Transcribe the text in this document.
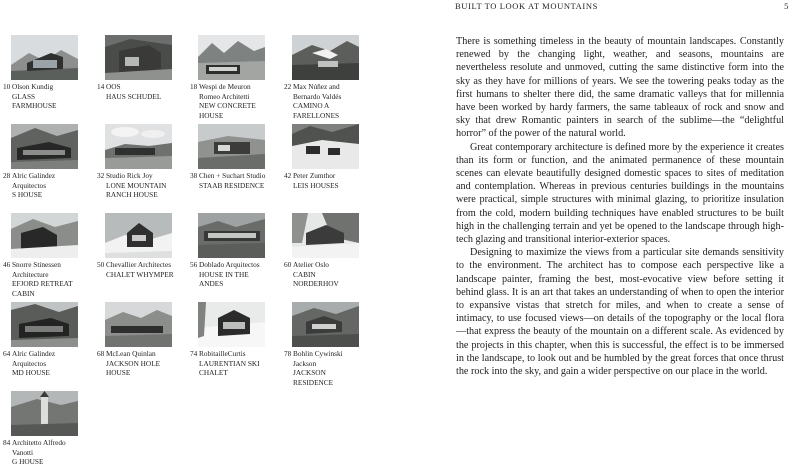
BUILT TO LOOK AT MOUNTAINS	5
10 Olson Kundig
GLASS
FARMHOUSE
14 OOS
HAUS SCHUDEL
18 Wespi de Meuron
Romeo Architetti
NEW CONCRETE
HOUSE
22 Max Núñez and
Bernardo Valdés
CAMINO A
FARELLONES
28 Alric Galindez
Arquitectos
S HOUSE
32 Studio Rick Joy
LONE MOUNTAIN
RANCH HOUSE
38 Chen + Suchart Studio
STAAB RESIDENCE
42 Peter Zumthor
LEIS HOUSES
46 Snorre Stinessen
Architecture
EFJORD RETREAT
CABIN
50 Chevallier Architectes
CHALET WHYMPER
56 Doblado Arquitectos
HOUSE IN THE
ANDES
60 Atelier Oslo
CABIN
NORDERHOV
64 Alric Galindez
Arquitectos
MD HOUSE
68 McLean Quinlan
JACKSON HOLE
HOUSE
74 RobitailleCurtis
LAURENTIAN SKI
CHALET
78 Bohlin Cywinski
Jackson
JACKSON
RESIDENCE
84 Architetto Alfredo
Vanotti
G HOUSE

There is something timeless in the beauty of mountain landscapes. Constantly renewed by the changing light, weather, and seasons, mountains are nevertheless resolute and unmoved, cutting the same distinctive form into the sky as they have for millions of years. We see the towering peaks today as the first humans to shelter there did, the same dramatic valleys that for millennia have been worked by hardy farmers, the same tableaux of rock and snow and sky that drew Romantic painters in search of the sublime—the “delightful horror” of the power of the natural world.

Great contemporary architecture is defined more by the experience it creates than its form or function, and the animated permanence of these mountain scenes can elevate beautifully designed domestic spaces to sites of meditation and contemplation. Whereas in previous centuries buildings in the mountains were practical, simple structures with minimal glazing, to prioritize insulation from the cold, modern building techniques have enabled structures to be built high in the challenging terrain and yet be opened to the landscape through high-tech glazing and transitional interior-exterior spaces.

Designing to maximize the views from a particular site demands sensitivity to the environment. The architect has to compose each perspective like a landscape painter, framing the best, most-evocative view before setting it behind glass. It is an art that takes an understanding of when to open the interior to expansive vistas that stretch for miles, and when to create a sense of intimacy, to use focused views—on details of the topography or the local flora—that express the beauty of the mountain on a different scale. As evidenced by the projects in this chapter, when this is successful, the effect is to be immersed in the landscape, to look out and be humbled by the great forces that once thrust the rock into the sky, and gain a wider perspective on our place in the world.
